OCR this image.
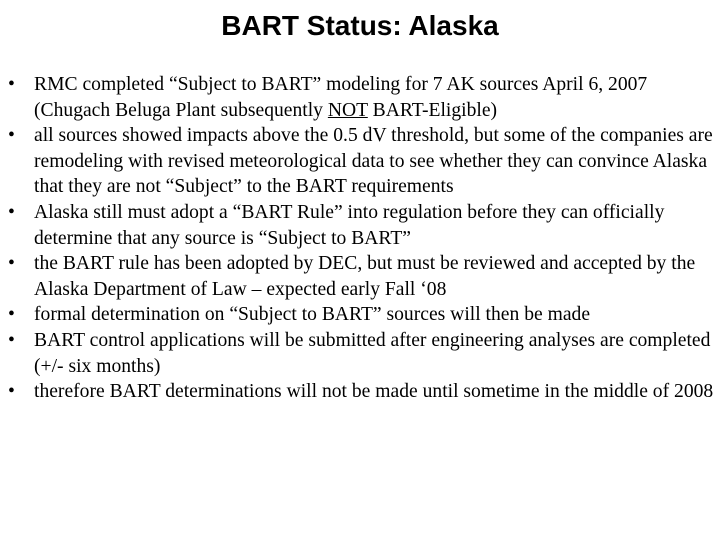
BART Status: Alaska
• RMC completed “Subject to BART” modeling for 7 AK sources April 6, 2007 (Chugach Beluga Plant subsequently NOT BART-Eligible)
• all sources showed impacts above the 0.5 dV threshold, but some of the companies are remodeling with revised meteorological data to see whether they can convince Alaska that they are not “Subject” to the BART requirements
• Alaska still must adopt a “BART Rule” into regulation before they can officially determine that any source is “Subject to BART”
• the BART rule has been adopted by DEC, but must be reviewed and accepted by the Alaska Department of Law – expected early Fall ‘08
• formal determination on “Subject to BART” sources will then be made
• BART control applications will be submitted after engineering analyses are completed (+/- six months)
• therefore BART determinations will not be made until sometime in the middle of 2008
